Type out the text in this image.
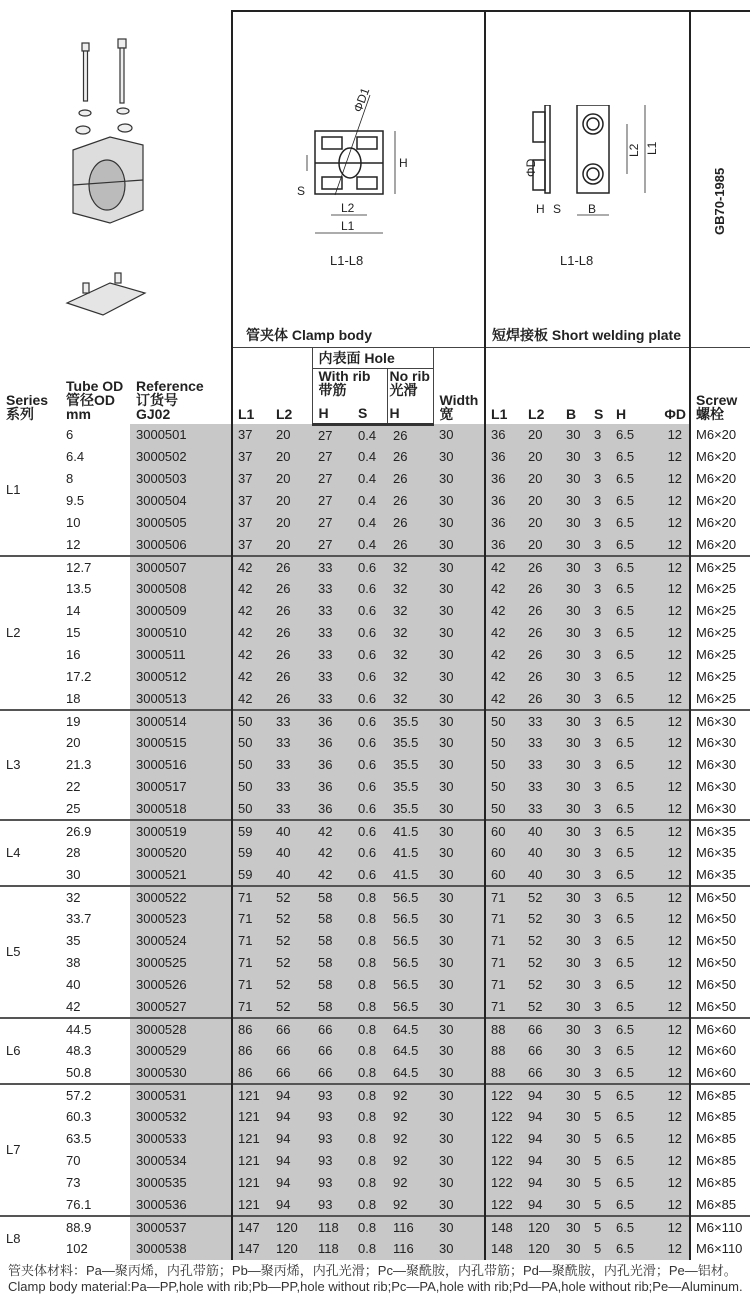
ΦD1
H
S
L2
L1
L1-L8
L2 L1
ΦD
H S B
L1-L8
GB70-1985
管夹体 Clamp body	短焊接板 Short welding plate
Series
系列	Tube OD
管径OD
mm	Reference
订货号
GJ02	L1	L2	内表面 Hole			Width
宽	L1	L2	B	S	H	ΦD	Screw
螺栓
					With rib
带筋		No rib
光滑								
					H	S	H								
L1	6	3000501	37	20	27	0.4	26	30	36	20	30	3	6.5	12	M6×20
	6.4	3000502	37	20	27	0.4	26	30	36	20	30	3	6.5	12	M6×20
	8	3000503	37	20	27	0.4	26	30	36	20	30	3	6.5	12	M6×20
	9.5	3000504	37	20	27	0.4	26	30	36	20	30	3	6.5	12	M6×20
	10	3000505	37	20	27	0.4	26	30	36	20	30	3	6.5	12	M6×20
	12	3000506	37	20	27	0.4	26	30	36	20	30	3	6.5	12	M6×20
L2	12.7	3000507	42	26	33	0.6	32	30	42	26	30	3	6.5	12	M6×25
	13.5	3000508	42	26	33	0.6	32	30	42	26	30	3	6.5	12	M6×25
	14	3000509	42	26	33	0.6	32	30	42	26	30	3	6.5	12	M6×25
	15	3000510	42	26	33	0.6	32	30	42	26	30	3	6.5	12	M6×25
	16	3000511	42	26	33	0.6	32	30	42	26	30	3	6.5	12	M6×25
	17.2	3000512	42	26	33	0.6	32	30	42	26	30	3	6.5	12	M6×25
	18	3000513	42	26	33	0.6	32	30	42	26	30	3	6.5	12	M6×25
L3	19	3000514	50	33	36	0.6	35.5	30	50	33	30	3	6.5	12	M6×30
	20	3000515	50	33	36	0.6	35.5	30	50	33	30	3	6.5	12	M6×30
	21.3	3000516	50	33	36	0.6	35.5	30	50	33	30	3	6.5	12	M6×30
	22	3000517	50	33	36	0.6	35.5	30	50	33	30	3	6.5	12	M6×30
	25	3000518	50	33	36	0.6	35.5	30	50	33	30	3	6.5	12	M6×30
L4	26.9	3000519	59	40	42	0.6	41.5	30	60	40	30	3	6.5	12	M6×35
	28	3000520	59	40	42	0.6	41.5	30	60	40	30	3	6.5	12	M6×35
	30	3000521	59	40	42	0.6	41.5	30	60	40	30	3	6.5	12	M6×35
L5	32	3000522	71	52	58	0.8	56.5	30	71	52	30	3	6.5	12	M6×50
	33.7	3000523	71	52	58	0.8	56.5	30	71	52	30	3	6.5	12	M6×50
	35	3000524	71	52	58	0.8	56.5	30	71	52	30	3	6.5	12	M6×50
	38	3000525	71	52	58	0.8	56.5	30	71	52	30	3	6.5	12	M6×50
	40	3000526	71	52	58	0.8	56.5	30	71	52	30	3	6.5	12	M6×50
	42	3000527	71	52	58	0.8	56.5	30	71	52	30	3	6.5	12	M6×50
L6	44.5	3000528	86	66	66	0.8	64.5	30	88	66	30	3	6.5	12	M6×60
	48.3	3000529	86	66	66	0.8	64.5	30	88	66	30	3	6.5	12	M6×60
	50.8	3000530	86	66	66	0.8	64.5	30	88	66	30	3	6.5	12	M6×60
L7	57.2	3000531	121	94	93	0.8	92	30	122	94	30	5	6.5	12	M6×85
	60.3	3000532	121	94	93	0.8	92	30	122	94	30	5	6.5	12	M6×85
	63.5	3000533	121	94	93	0.8	92	30	122	94	30	5	6.5	12	M6×85
	70	3000534	121	94	93	0.8	92	30	122	94	30	5	6.5	12	M6×85
	73	3000535	121	94	93	0.8	92	30	122	94	30	5	6.5	12	M6×85
	76.1	3000536	121	94	93	0.8	92	30	122	94	30	5	6.5	12	M6×85
L8	88.9	3000537	147	120	118	0.8	116	30	148	120	30	5	6.5	12	M6×110
	102	3000538	147	120	118	0.8	116	30	148	120	30	5	6.5	12	M6×110
管夹体材料：Pa—聚丙烯，内孔带筋；Pb—聚丙烯，内孔光滑；Pc—聚酰胺，内孔带筋；Pd—聚酰胺，内孔光滑；Pe—铝材。
Clamp body material:Pa—PP,hole with rib;Pb—PP,hole without rib;Pc—PA,hole with rib;Pd—PA,hole without rib;Pe—Aluminum.
